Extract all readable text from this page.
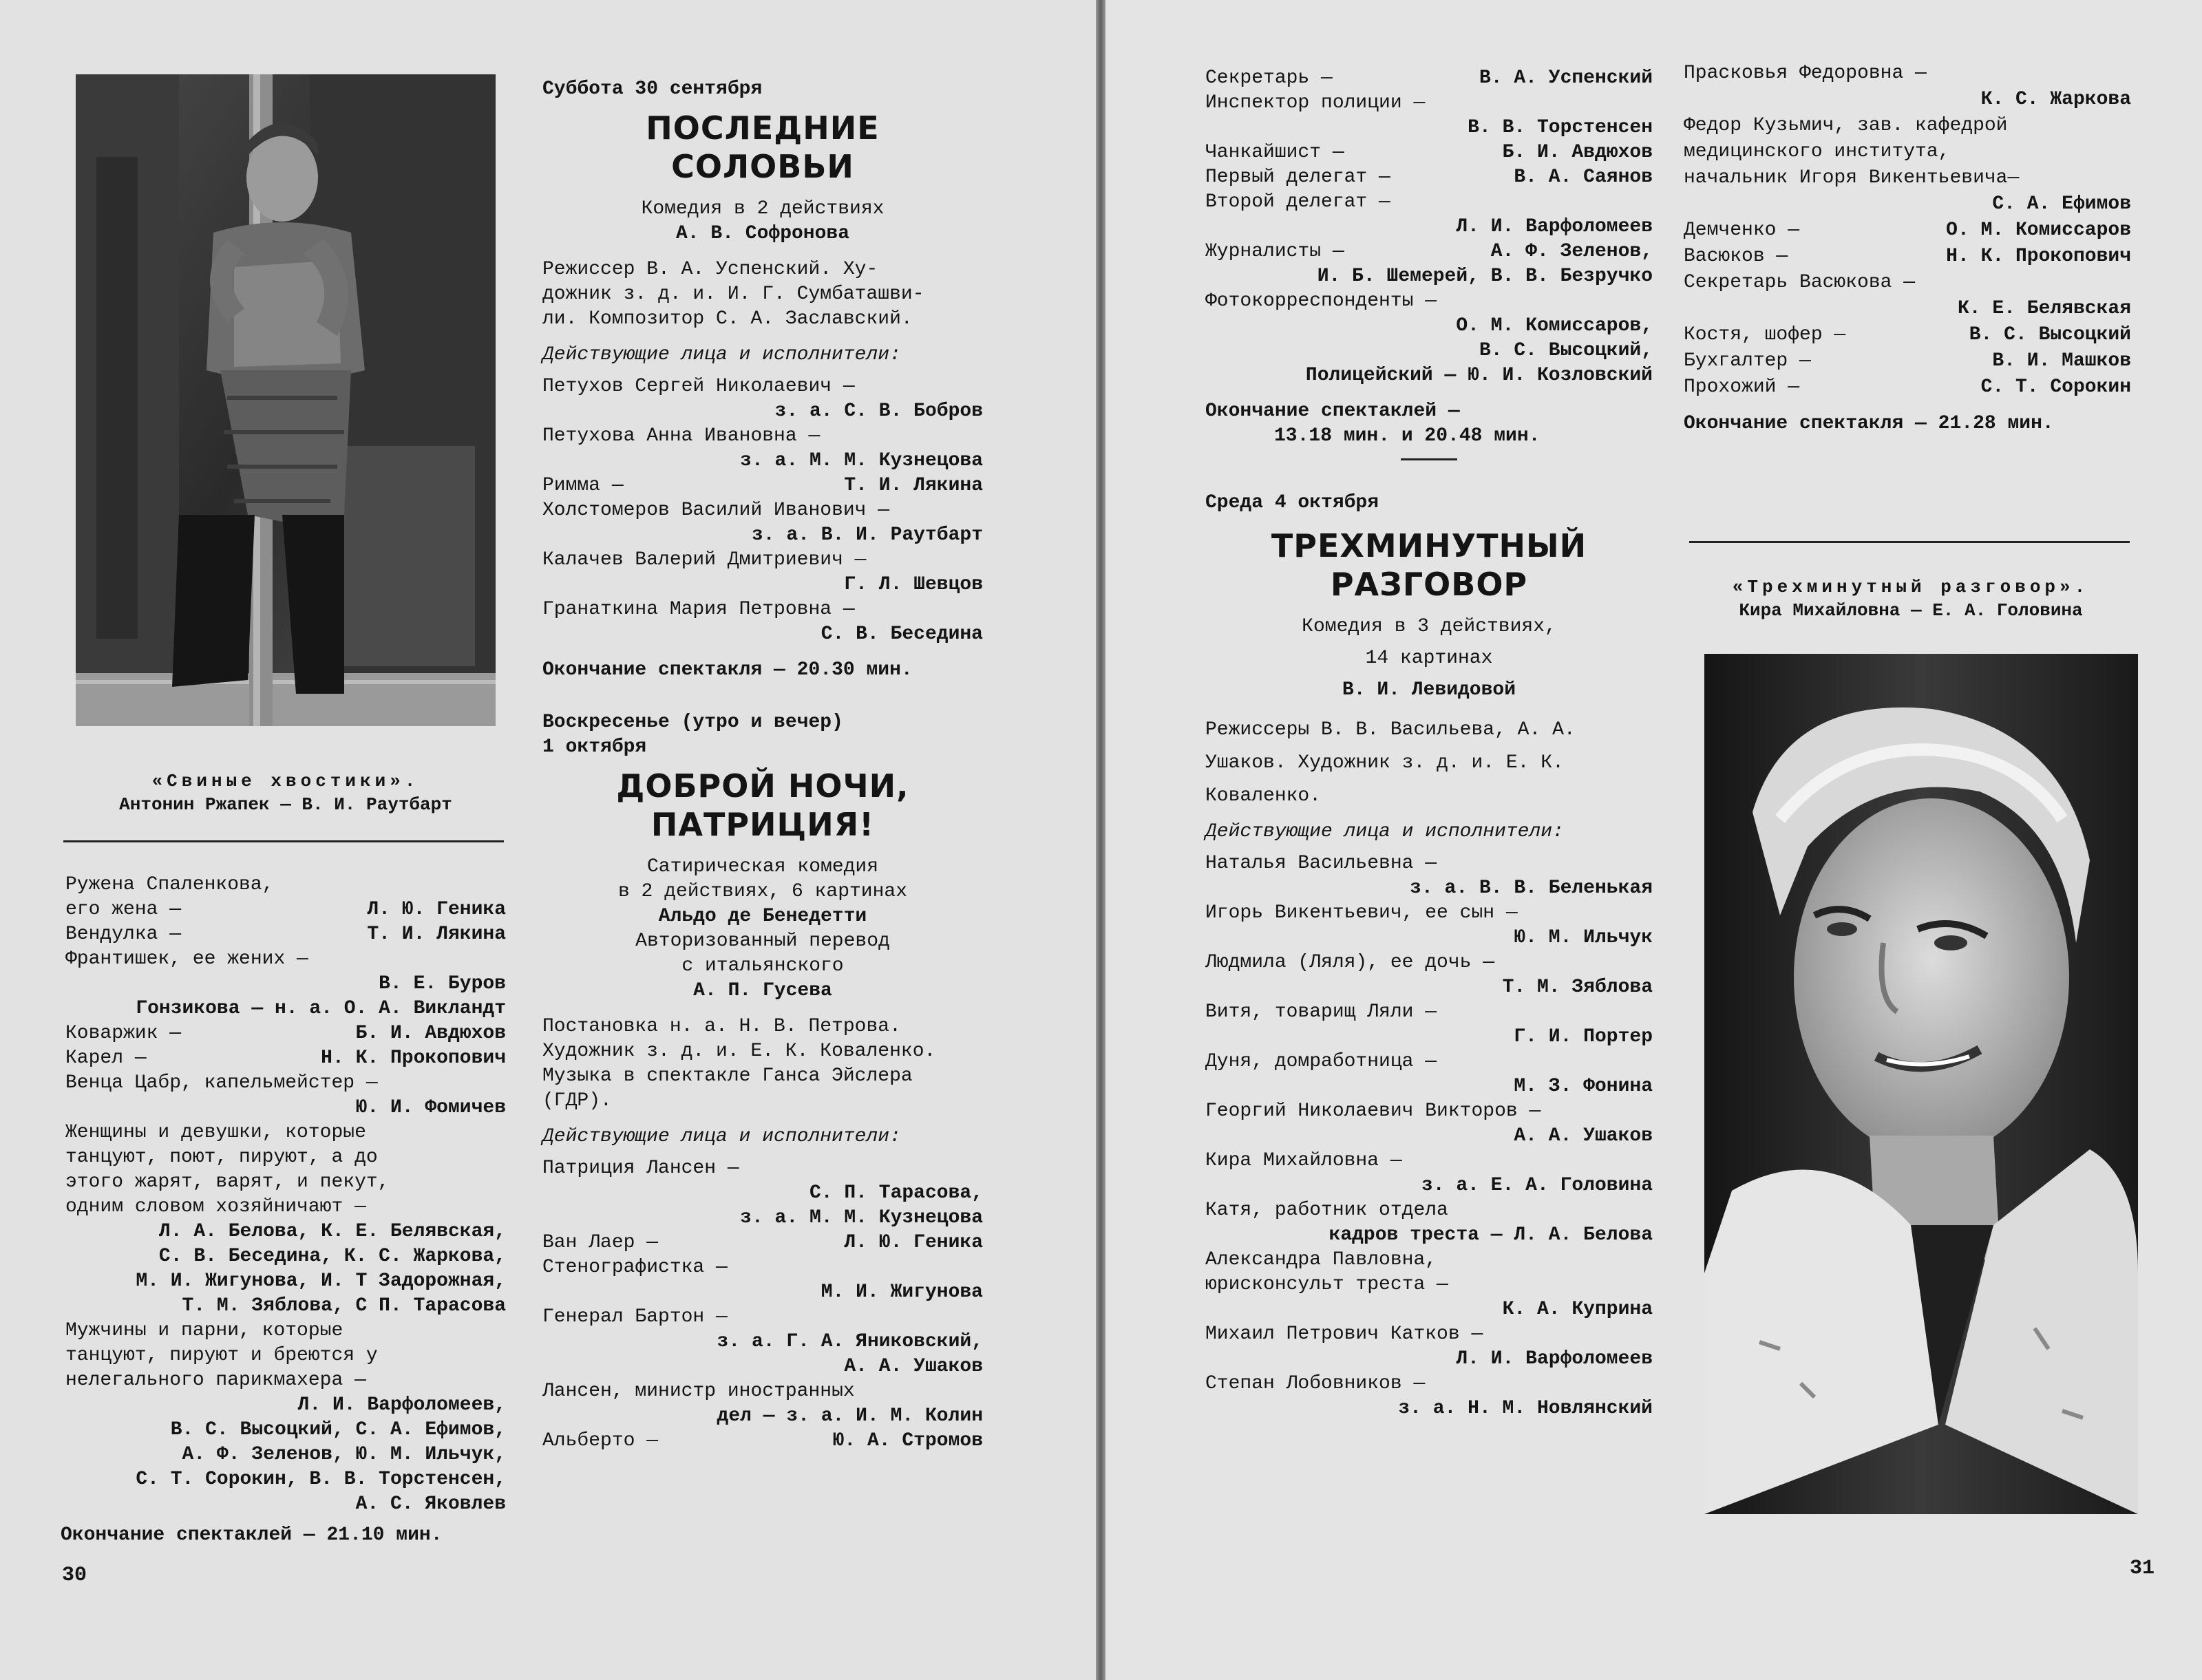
«Свиные хвостики».
Антонин Ржапек — В. И. Раутбарт
Ружена Спаленкова,
его жена —	Л. Ю. Геника
Вендулка —	Т. И. Лякина
Франтишек, ее жених —
В. Е. Буров
Гонзикова — н. а. О. А. Викландт
Коваржик —	Б. И. Авдюхов
Карел —	Н. К. Прокопович
Венца Цабр, капельмейстер —
Ю. И. Фомичев
Женщины и девушки, которые
танцуют, поют, пируют, а до
этого жарят, варят, и пекут,
одним словом хозяйничают —
Л. А. Белова, К. Е. Белявская,
С. В. Беседина, К. С. Жаркова,
М. И. Жигунова, И. Т Задорожная,
Т. М. Зяблова, С П. Тарасова
Мужчины и парни, которые
танцуют, пируют и бреются у
нелегального парикмахера —
Л. И. Варфоломеев,
В. С. Высоцкий, С. А. Ефимов,
А. Ф. Зеленов, Ю. М. Ильчук,
С. Т. Сорокин, В. В. Торстенсен,
А. С. Яковлев
Окончание спектаклей — 21.10 мин.
30
Суббота 30 сентября
ПОСЛЕДНИЕ
СОЛОВЬИ
Комедия в 2 действиях
А. В. Софронова
Режиссер В. А. Успенский. Ху-
дожник з. д. и. И. Г. Сумбаташви-
ли. Композитор С. А. Заславский.
Действующие лица и исполнители:
Петухов Сергей Николаевич —
з. а. С. В. Бобров
Петухова Анна Ивановна —
з. а. М. М. Кузнецова
Римма —	Т. И. Лякина
Холстомеров Василий Иванович —
з. а. В. И. Раутбарт
Калачев Валерий Дмитриевич —
Г. Л. Шевцов
Гранаткина Мария Петровна —
С. В. Беседина
Окончание спектакля — 20.30 мин.
Воскресенье (утро и вечер)
1 октября
ДОБРОЙ НОЧИ,
ПАТРИЦИЯ!
Сатирическая комедия
в 2 действиях, 6 картинах
Альдо де Бенедетти
Авторизованный перевод
с итальянского
А. П. Гусева
Постановка н. а. Н. В. Петрова.
Художник з. д. и. Е. К. Коваленко.
Музыка в спектакле Ганса Эйслера
(ГДР).
Действующие лица и исполнители:
Патриция Лансен —
С. П. Тарасова,
з. а. М. М. Кузнецова
Ван Лаер —	Л. Ю. Геника
Стенографистка —
М. И. Жигунова
Генерал Бартон —
з. а. Г. А. Яниковский,
А. А. Ушаков
Лансен, министр иностранных
дел — з. а. И. М. Колин
Альберто —	Ю. А. Стромов
Секретарь —	В. А. Успенский
Инспектор полиции —
В. В. Торстенсен
Чанкайшист —	Б. И. Авдюхов
Первый делегат —	В. А. Саянов
Второй делегат —
Л. И. Варфоломеев
Журналисты —	А. Ф. Зеленов,
И. Б. Шемерей, В. В. Безручко
Фотокорреспонденты —
О. М. Комиссаров,
В. С. Высоцкий,
Полицейский — Ю. И. Козловский
Окончание спектаклей —
13.18 мин. и 20.48 мин.
Среда 4 октября
ТРЕХМИНУТНЫЙ
РАЗГОВОР
Комедия в 3 действиях,
14 картинах
В. И. Левидовой
Режиссеры В. В. Васильева, А. А.
Ушаков. Художник з. д. и. Е. К.
Коваленко.
Действующие лица и исполнители:
Наталья Васильевна —
з. а. В. В. Беленькая
Игорь Викентьевич, ее сын —
Ю. М. Ильчук
Людмила (Ляля), ее дочь —
Т. М. Зяблова
Витя, товарищ Ляли —
Г. И. Портер
Дуня, домработница —
М. З. Фонина
Георгий Николаевич Викторов —
А. А. Ушаков
Кира Михайловна —
з. а. Е. А. Головина
Катя, работник отдела
кадров треста — Л. А. Белова
Александра Павловна,
юрисконсульт треста —
К. А. Куприна
Михаил Петрович Катков —
Л. И. Варфоломеев
Степан Лобовников —
з. а. Н. М. Новлянский
Прасковья Федоровна —
К. С. Жаркова
Федор Кузьмич, зав. кафедрой
медицинского института,
начальник Игоря Викентьевича—
С. А. Ефимов
Демченко —	О. М. Комиссаров
Васюков —	Н. К. Прокопович
Секретарь Васюкова —
К. Е. Белявская
Костя, шофер —	В. С. Высоцкий
Бухгалтер —	В. И. Машков
Прохожий —	С. Т. Сорокин
Окончание спектакля — 21.28 мин.
«Трехминутный разговор».
Кира Михайловна — Е. А. Головина
31
